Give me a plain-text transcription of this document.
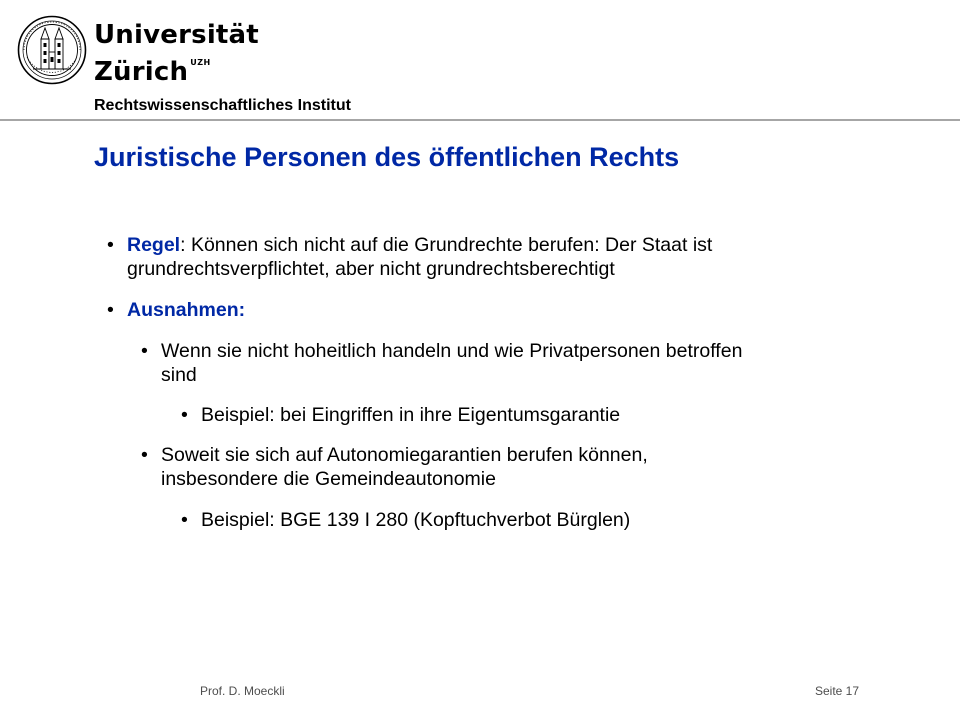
Universität
Zürich $^{UZH}$
Rechtswissenschaftliches Institut
Juristische Personen des öffentlichen Rechts
• Regel: Können sich nicht auf die Grundrechte berufen: Der Staat ist
grundrechtsverpflichtet, aber nicht grundrechtsberechtigt
• Ausnahmen:
• Wenn sie nicht hoheitlich handeln und wie Privatpersonen betroffen
sind
• Beispiel: bei Eingriffen in ihre Eigentumsgarantie
• Soweit sie sich auf Autonomiegarantien berufen können,
insbesondere die Gemeindeautonomie
• Beispiel: BGE 139 I 280 (Kopftuchverbot Bürglen)
Prof. D. Moeckli	Seite 17
